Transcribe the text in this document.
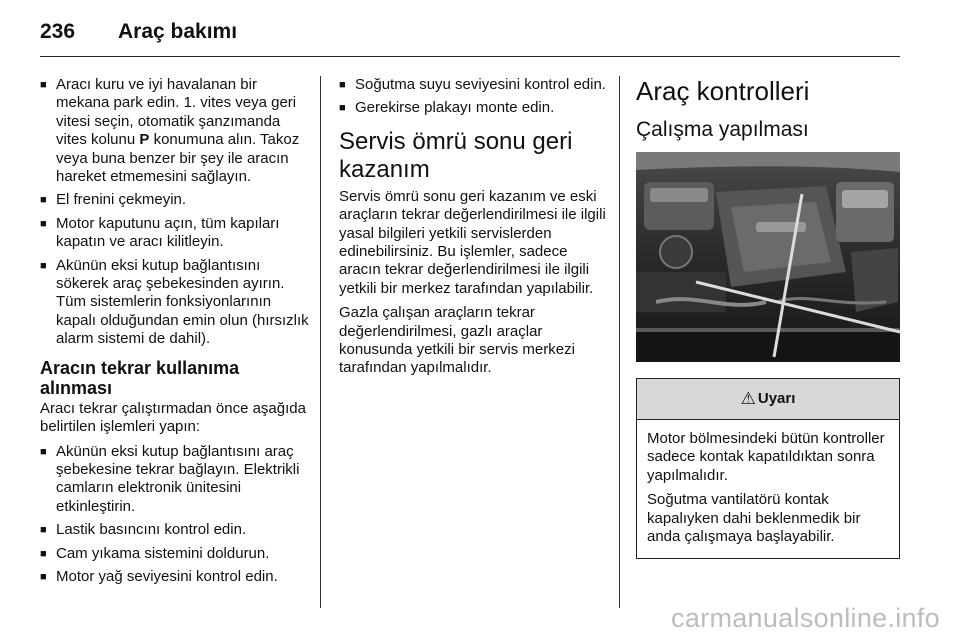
236 Araç bakımı
■ Aracı kuru ve iyi havalanan bir mekana park edin. 1. vites veya geri vitesi seçin, otomatik şanzımanda vites kolunu P konumuna alın. Takoz veya buna benzer bir şey ile aracın hareket etmemesini sağlayın.
■ El frenini çekmeyin.
■ Motor kaputunu açın, tüm kapıları kapatın ve aracı kilitleyin.
■ Akünün eksi kutup bağlantısını sökerek araç şebekesinden ayırın. Tüm sistemlerin fonksiyonlarının kapalı olduğundan emin olun (hırsızlık alarm sistemi de dahil).
Aracın tekrar kullanıma alınması

Aracı tekrar çalıştırmadan önce aşağıda belirtilen işlemleri yapın:

■ Akünün eksi kutup bağlantısını araç şebekesine tekrar bağlayın. Elektrikli camların elektronik ünitesini etkinleştirin.
■ Lastik basıncını kontrol edin.
■ Cam yıkama sistemini doldurun.
■ Motor yağ seviyesini kontrol edin.
■ Soğutma suyu seviyesini kontrol edin.
■ Gerekirse plakayı monte edin.
Servis ömrü sonu geri kazanım

Servis ömrü sonu geri kazanım ve eski araçların tekrar değerlendirilmesi ile ilgili yasal bilgileri yetkili servislerden edinebilirsiniz. Bu işlemler, sadece aracın tekrar değerlendirilmesi ile ilgili yetkili bir merkez tarafından yapılabilir.

Gazla çalışan araçların tekrar değerlendirilmesi, gazlı araçlar konusunda yetkili bir servis merkezi tarafından yapılmalıdır.

Araç kontrolleri
Çalışma yapılması
⚠ Uyarı

Motor bölmesindeki bütün kontroller sadece kontak kapatıldıktan sonra yapılmalıdır.

Soğutma vantilatörü kontak kapalıyken dahi beklenmedik bir anda çalışmaya başlayabilir.

carmanualsonline.info
